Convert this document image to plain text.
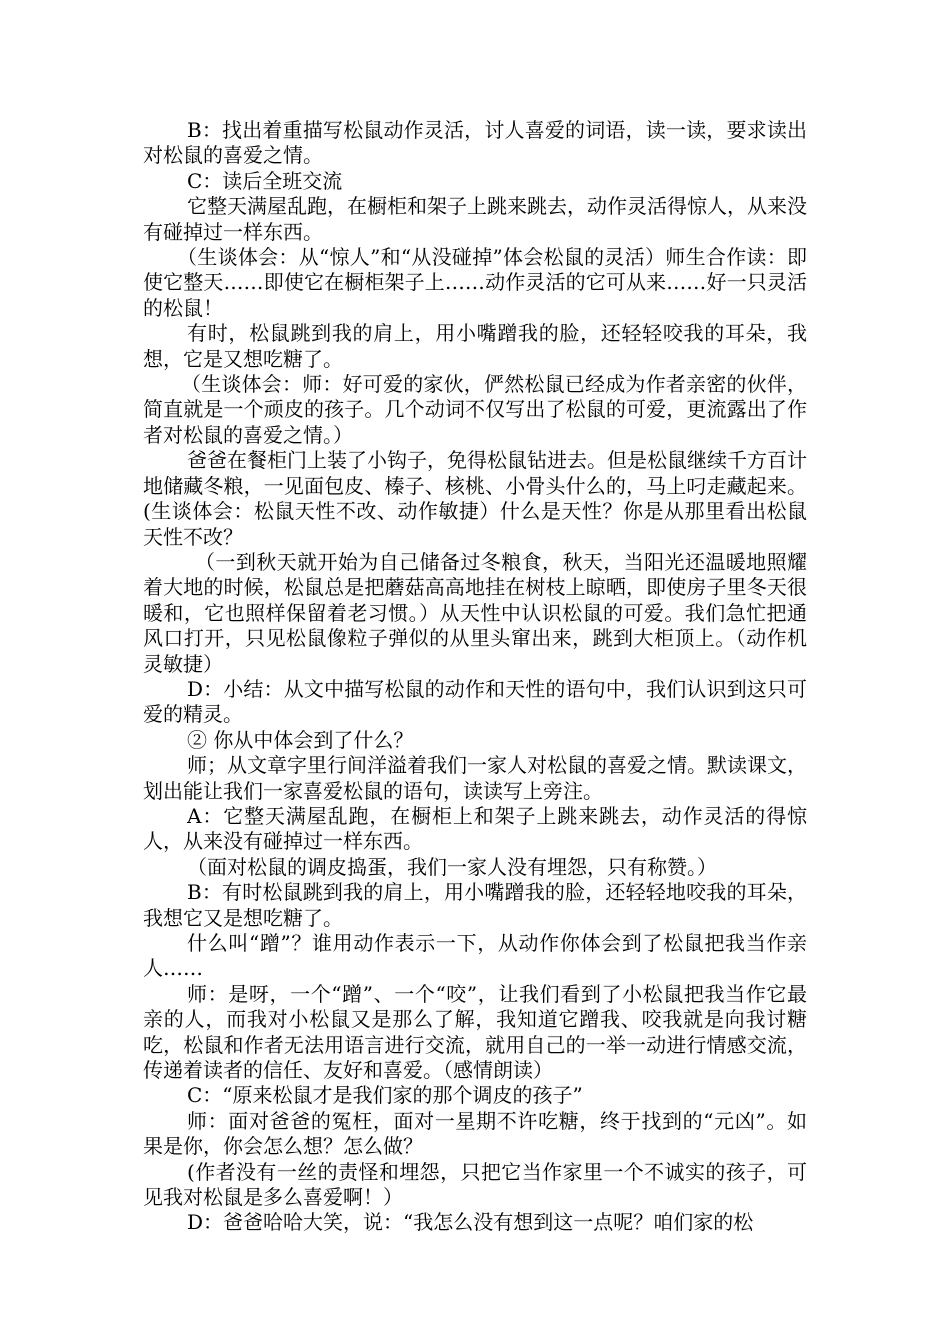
B：找出着重描写松鼠动作灵活，讨人喜爱的词语，读一读，要求读出对松鼠的喜爱之情。

C：读后全班交流

它整天满屋乱跑，在橱柜和架子上跳来跳去，动作灵活得惊人，从来没有碰掉过一样东西。

（生谈体会：从“惊人”和“从没碰掉”体会松鼠的灵活）师生合作读：即使它整天……即使它在橱柜架子上……动作灵活的它可从来……好一只灵活的松鼠！

有时，松鼠跳到我的肩上，用小嘴蹭我的脸，还轻轻咬我的耳朵，我想，它是又想吃糖了。

（生谈体会：师：好可爱的家伙，俨然松鼠已经成为作者亲密的伙伴，简直就是一个顽皮的孩子。几个动词不仅写出了松鼠的可爱，更流露出了作者对松鼠的喜爱之情。）

爸爸在餐柜门上装了小钩子，免得松鼠钻进去。但是松鼠继续千方百计地储藏冬粮，一见面包皮、榛子、核桃、小骨头什么的，马上叼走藏起来。(生谈体会：松鼠天性不改、动作敏捷）什么是天性？你是从那里看出松鼠天性不改？

（一到秋天就开始为自己储备过冬粮食，秋天，当阳光还温暖地照耀着大地的时候，松鼠总是把蘑菇高高地挂在树枝上晾晒，即使房子里冬天很暖和，它也照样保留着老习惯。）从天性中认识松鼠的可爱。我们急忙把通风口打开，只见松鼠像粒子弹似的从里头窜出来，跳到大柜顶上。（动作机灵敏捷）

D：小结：从文中描写松鼠的动作和天性的语句中，我们认识到这只可爱的精灵。

② 你从中体会到了什么？

师；从文章字里行间洋溢着我们一家人对松鼠的喜爱之情。默读课文，划出能让我们一家喜爱松鼠的语句，读读写上旁注。

A：它整天满屋乱跑，在橱柜上和架子上跳来跳去，动作灵活的得惊人，从来没有碰掉过一样东西。

（面对松鼠的调皮捣蛋，我们一家人没有埋怨，只有称赞。）

B：有时松鼠跳到我的肩上，用小嘴蹭我的脸，还轻轻地咬我的耳朵，我想它又是想吃糖了。

什么叫“蹭”？谁用动作表示一下，从动作你体会到了松鼠把我当作亲人……

师：是呀，一个“蹭”、一个“咬”，让我们看到了小松鼠把我当作它最亲的人，而我对小松鼠又是那么了解，我知道它蹭我、咬我就是向我讨糖吃，松鼠和作者无法用语言进行交流，就用自己的一举一动进行情感交流，传递着读者的信任、友好和喜爱。（感情朗读）

C：“原来松鼠才是我们家的那个调皮的孩子”

师：面对爸爸的冤枉，面对一星期不许吃糖，终于找到的“元凶”。如果是你，你会怎么想？怎么做？

(作者没有一丝的责怪和埋怨，只把它当作家里一个不诚实的孩子，可见我对松鼠是多么喜爱啊！）

D：爸爸哈哈大笑，说：“我怎么没有想到这一点呢？咱们家的松
